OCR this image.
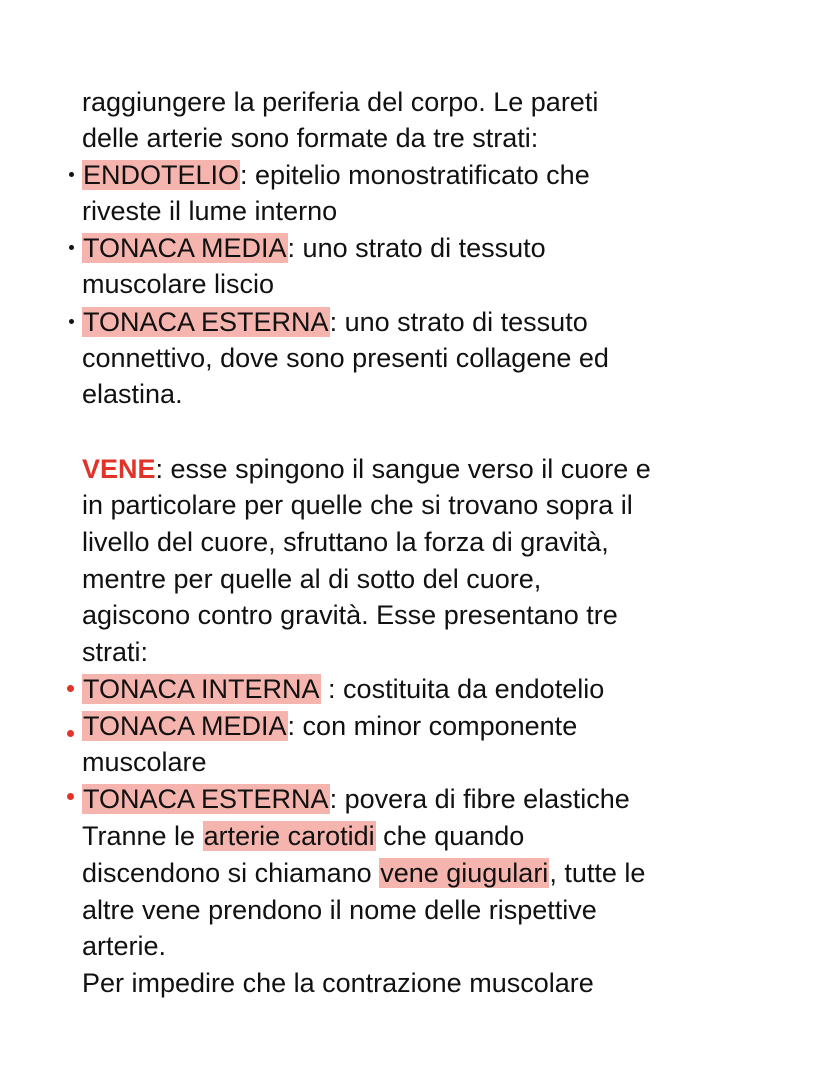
raggiungere la periferia del corpo. Le pareti
delle arterie sono formate da tre strati:
ENDOTELIO: epitelio monostratificato che
riveste il lume interno
TONACA MEDIA: uno strato di tessuto
muscolare liscio
TONACA ESTERNA: uno strato di tessuto
connettivo, dove sono presenti collagene ed
elastina.
VENE: esse spingono il sangue verso il cuore e
in particolare per quelle che si trovano sopra il
livello del cuore, sfruttano la forza di gravità,
mentre per quelle al di sotto del cuore,
agiscono contro gravità. Esse presentano tre
strati:
TONACA INTERNA : costituita da endotelio
TONACA MEDIA: con minor componente
muscolare
TONACA ESTERNA: povera di fibre elastiche
Tranne le arterie carotidi che quando
discendono si chiamano vene giugulari, tutte le
altre vene prendono il nome delle rispettive
arterie.
Per impedire che la contrazione muscolare
